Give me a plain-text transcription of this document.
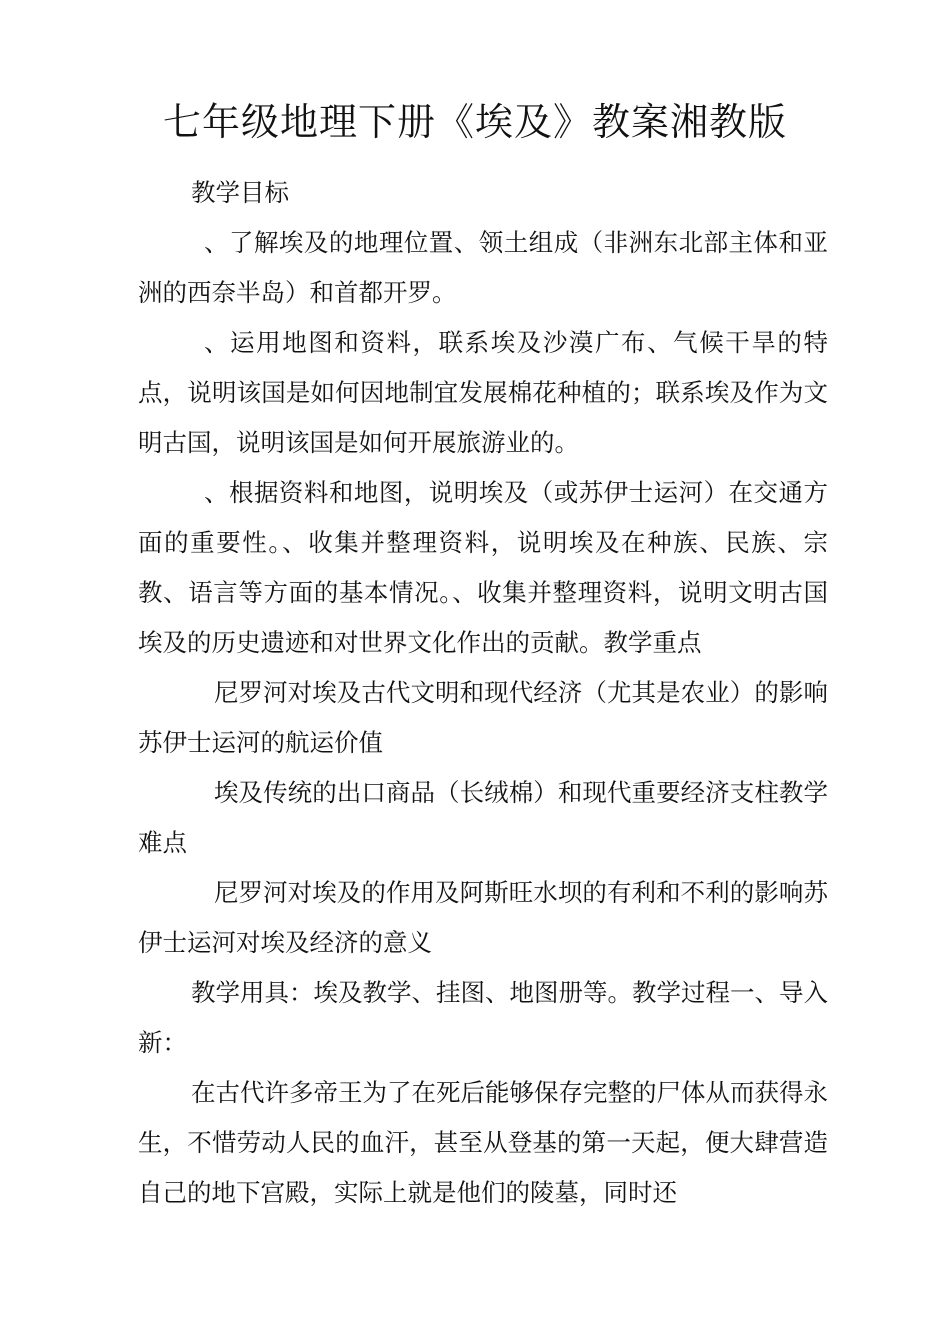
七年级地理下册《埃及》教案湘教版

教学目标

、了解埃及的地理位置、领土组成（非洲东北部主体和亚洲的西奈半岛）和首都开罗。

、运用地图和资料，联系埃及沙漠广布、气候干旱的特点，说明该国是如何因地制宜发展棉花种植的；联系埃及作为文明古国，说明该国是如何开展旅游业的。

、根据资料和地图，说明埃及（或苏伊士运河）在交通方面的重要性。、收集并整理资料，说明埃及在种族、民族、宗教、语言等方面的基本情况。、收集并整理资料，说明文明古国埃及的历史遗迹和对世界文化作出的贡献。教学重点

尼罗河对埃及古代文明和现代经济（尤其是农业）的影响苏伊士运河的航运价值

埃及传统的出口商品（长绒棉）和现代重要经济支柱教学难点

尼罗河对埃及的作用及阿斯旺水坝的有利和不利的影响苏伊士运河对埃及经济的意义

教学用具：埃及教学、挂图、地图册等。教学过程一、导入新：

在古代许多帝王为了在死后能够保存完整的尸体从而获得永生，不惜劳动人民的血汗，甚至从登基的第一天起，便大肆营造自己的地下宫殿，实际上就是他们的陵墓，同时还
